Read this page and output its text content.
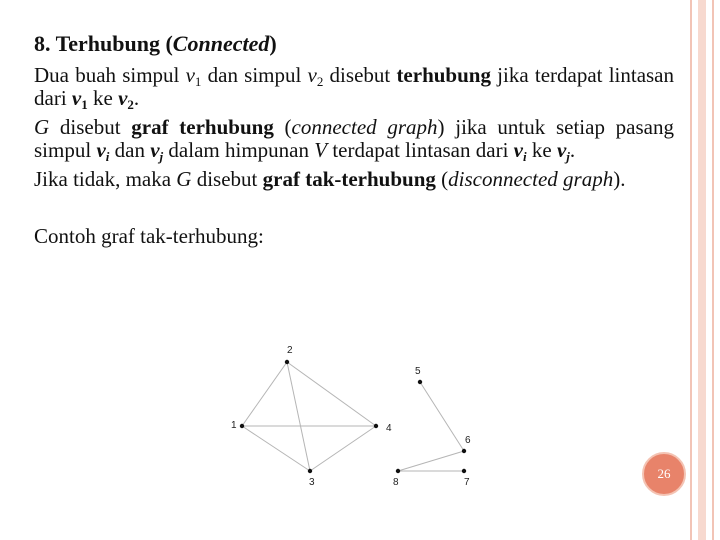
8. Terhubung (Connected)

Dua buah simpul $v_1$ dan simpul $v_2$ disebut terhubung jika terdapat lintasan dari $v_1$ ke $v_2$.

G disebut graf terhubung (connected graph) jika untuk setiap pasang simpul $v_i$ dan $v_j$ dalam himpunan V terdapat lintasan dari $v_i$ ke $v_j$.

Jika tidak, maka G disebut graf tak-terhubung (disconnected graph).

Contoh graf tak-terhubung:

1
2
3
4
5
6
7
8
26
